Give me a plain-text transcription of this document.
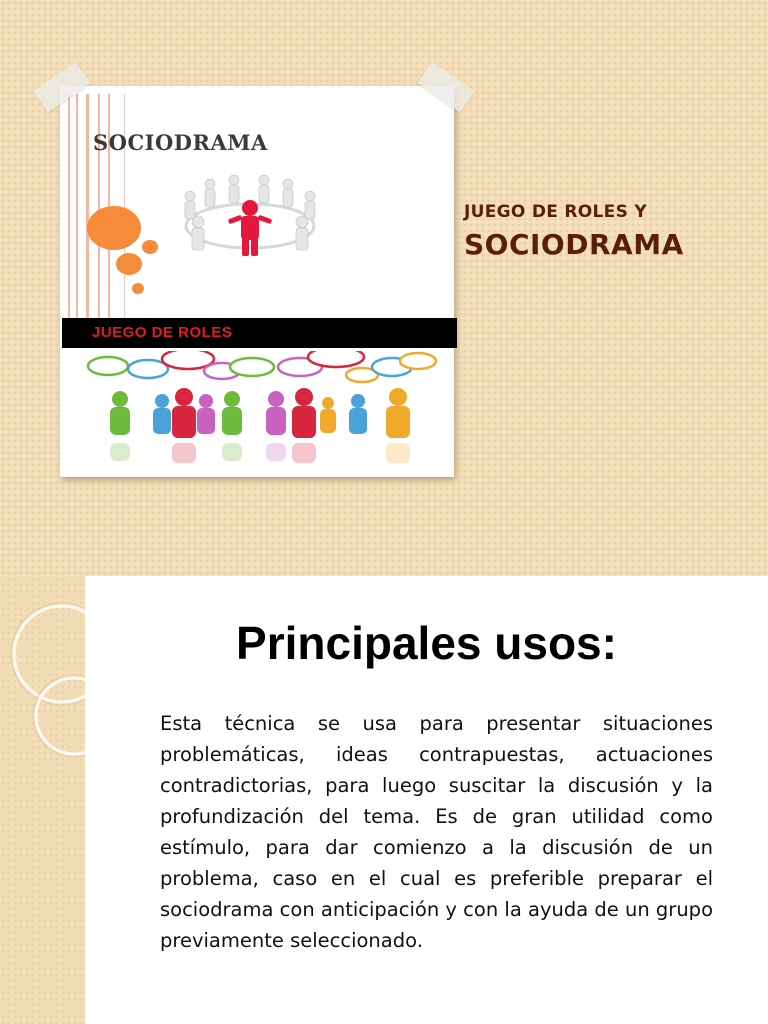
SOCIODRAMA
JUEGO DE ROLES
JUEGO DE ROLES Y
SOCIODRAMA
Principales usos:

Esta técnica se usa para presentar situaciones problemáticas, ideas contrapuestas, actuaciones contradictorias, para luego suscitar la discusión y la profundización del tema. Es de gran utilidad como estímulo, para dar comienzo a la discusión de un problema, caso en el cual es preferible preparar el sociodrama con anticipación y con la ayuda de un grupo previamente seleccionado.
